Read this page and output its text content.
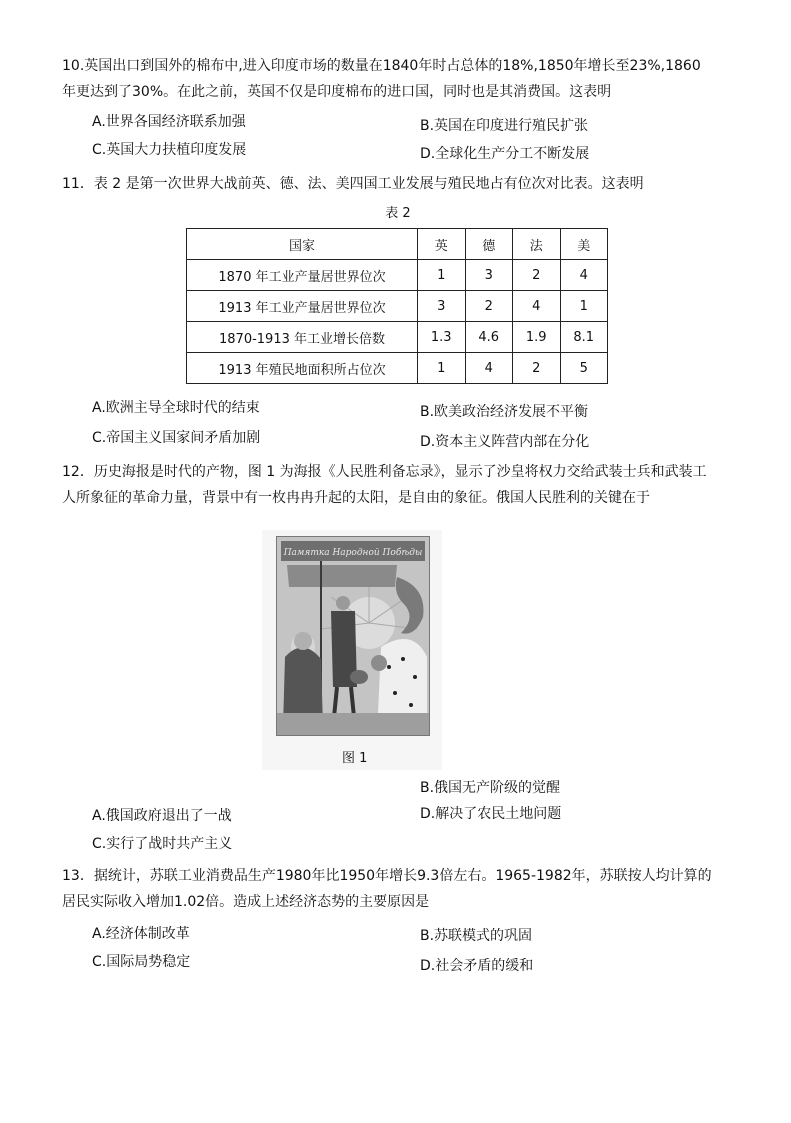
10.英国出口到国外的棉布中,进入印度市场的数量在1840年时占总体的18%,1850年增长至23%,1860
年更达到了30%。在此之前，英国不仅是印度棉布的进口国，同时也是其消费国。这表明
A.世界各国经济联系加强	B.英国在印度进行殖民扩张
C.英国大力扶植印度发展	D.全球化生产分工不断发展
11．表 2 是第一次世界大战前英、德、法、美四国工业发展与殖民地占有位次对比表。这表明
表 2
国家	英	德	法	美
1870 年工业产量居世界位次	1	3	2	4
1913 年工业产量居世界位次	3	2	4	1
1870-1913 年工业增长倍数	1.3	4.6	1.9	8.1
1913 年殖民地面积所占位次	1	4	2	5
A.欧洲主导全球时代的结束	B.欧美政治经济发展不平衡
C.帝国主义国家间矛盾加剧	D.资本主义阵营内部在分化
12．历史海报是时代的产物，图 1 为海报《人民胜利备忘录》，显示了沙皇将权力交给武装士兵和武装工
人所象征的革命力量，背景中有一枚冉冉升起的太阳，是自由的象征。俄国人民胜利的关键在于
Памятка Народной Побѣды
图 1
B.俄国无产阶级的觉醒
A.俄国政府退出了一战	D.解决了农民土地问题
C.实行了战时共产主义
13．据统计，苏联工业消费品生产1980年比1950年增长9.3倍左右。1965-1982年，苏联按人均计算的
居民实际收入增加1.02倍。造成上述经济态势的主要原因是
A.经济体制改革	B.苏联模式的巩固
C.国际局势稳定	D.社会矛盾的缓和
